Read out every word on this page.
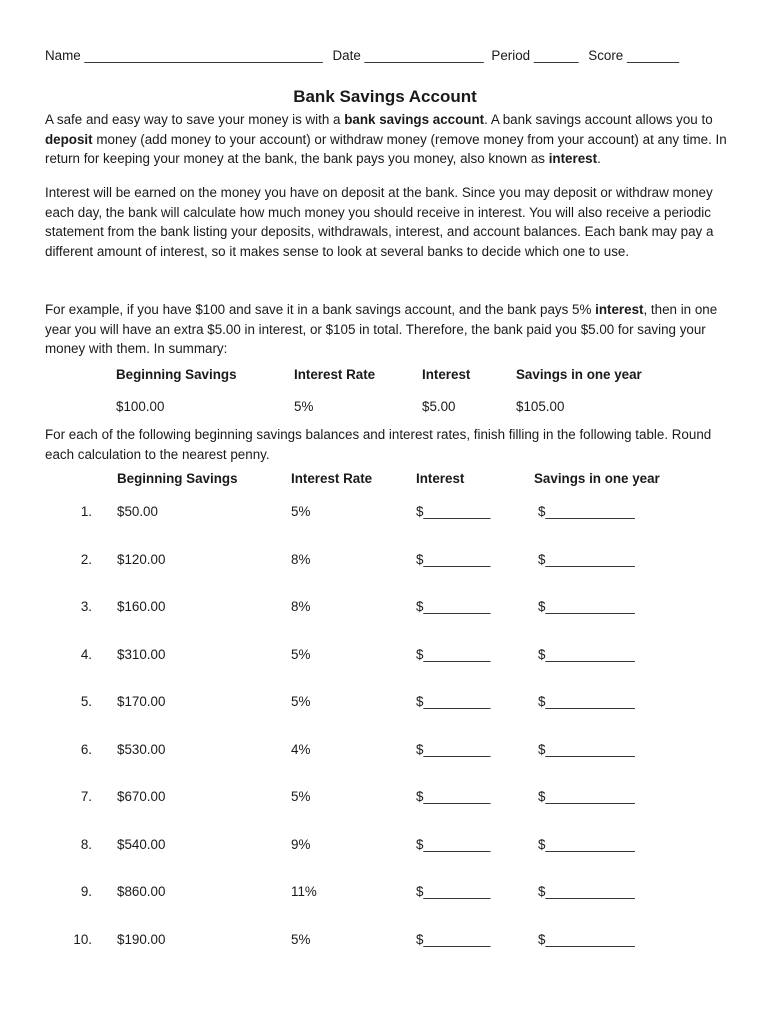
Name ________________________________ Date ________________ Period ______ Score _______
Bank Savings Account
A safe and easy way to save your money is with a bank savings account. A bank savings account allows you to deposit money (add money to your account) or withdraw money (remove money from your account) at any time. In return for keeping your money at the bank, the bank pays you money, also known as interest.
Interest will be earned on the money you have on deposit at the bank. Since you may deposit or withdraw money each day, the bank will calculate how much money you should receive in interest. You will also receive a periodic statement from the bank listing your deposits, withdrawals, interest, and account balances. Each bank may pay a different amount of interest, so it makes sense to look at several banks to decide which one to use.
For example, if you have $100 and save it in a bank savings account, and the bank pays 5% interest, then in one year you will have an extra $5.00 in interest, or $105 in total. Therefore, the bank paid you $5.00 for saving your money with them. In summary:
Beginning Savings	Interest Rate	Interest	Savings in one year
$100.00	5%	$5.00	$105.00
For each of the following beginning savings balances and interest rates, finish filling in the following table. Round each calculation to the nearest penny.
Beginning Savings	Interest Rate	Interest	Savings in one year
1. $50.00	5%	$_________	$____________
2. $120.00	8%	$_________	$____________
3. $160.00	8%	$_________	$____________
4. $310.00	5%	$_________	$____________
5. $170.00	5%	$_________	$____________
6. $530.00	4%	$_________	$____________
7. $670.00	5%	$_________	$____________
8. $540.00	9%	$_________	$____________
9. $860.00	11%	$_________	$____________
10. $190.00	5%	$_________	$____________
